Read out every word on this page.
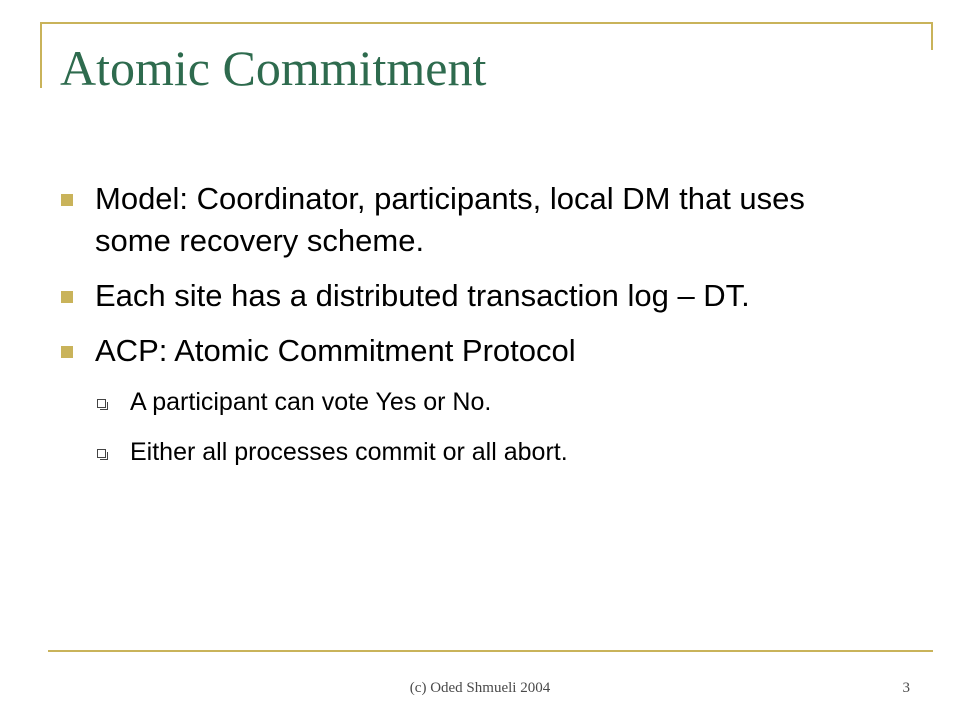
Atomic Commitment
Model: Coordinator, participants, local DM that uses some recovery scheme.
Each site has a distributed transaction log – DT.
ACP: Atomic Commitment Protocol
A participant can vote Yes or No.
Either all processes commit or all abort.
(c) Oded Shmueli 2004	3
